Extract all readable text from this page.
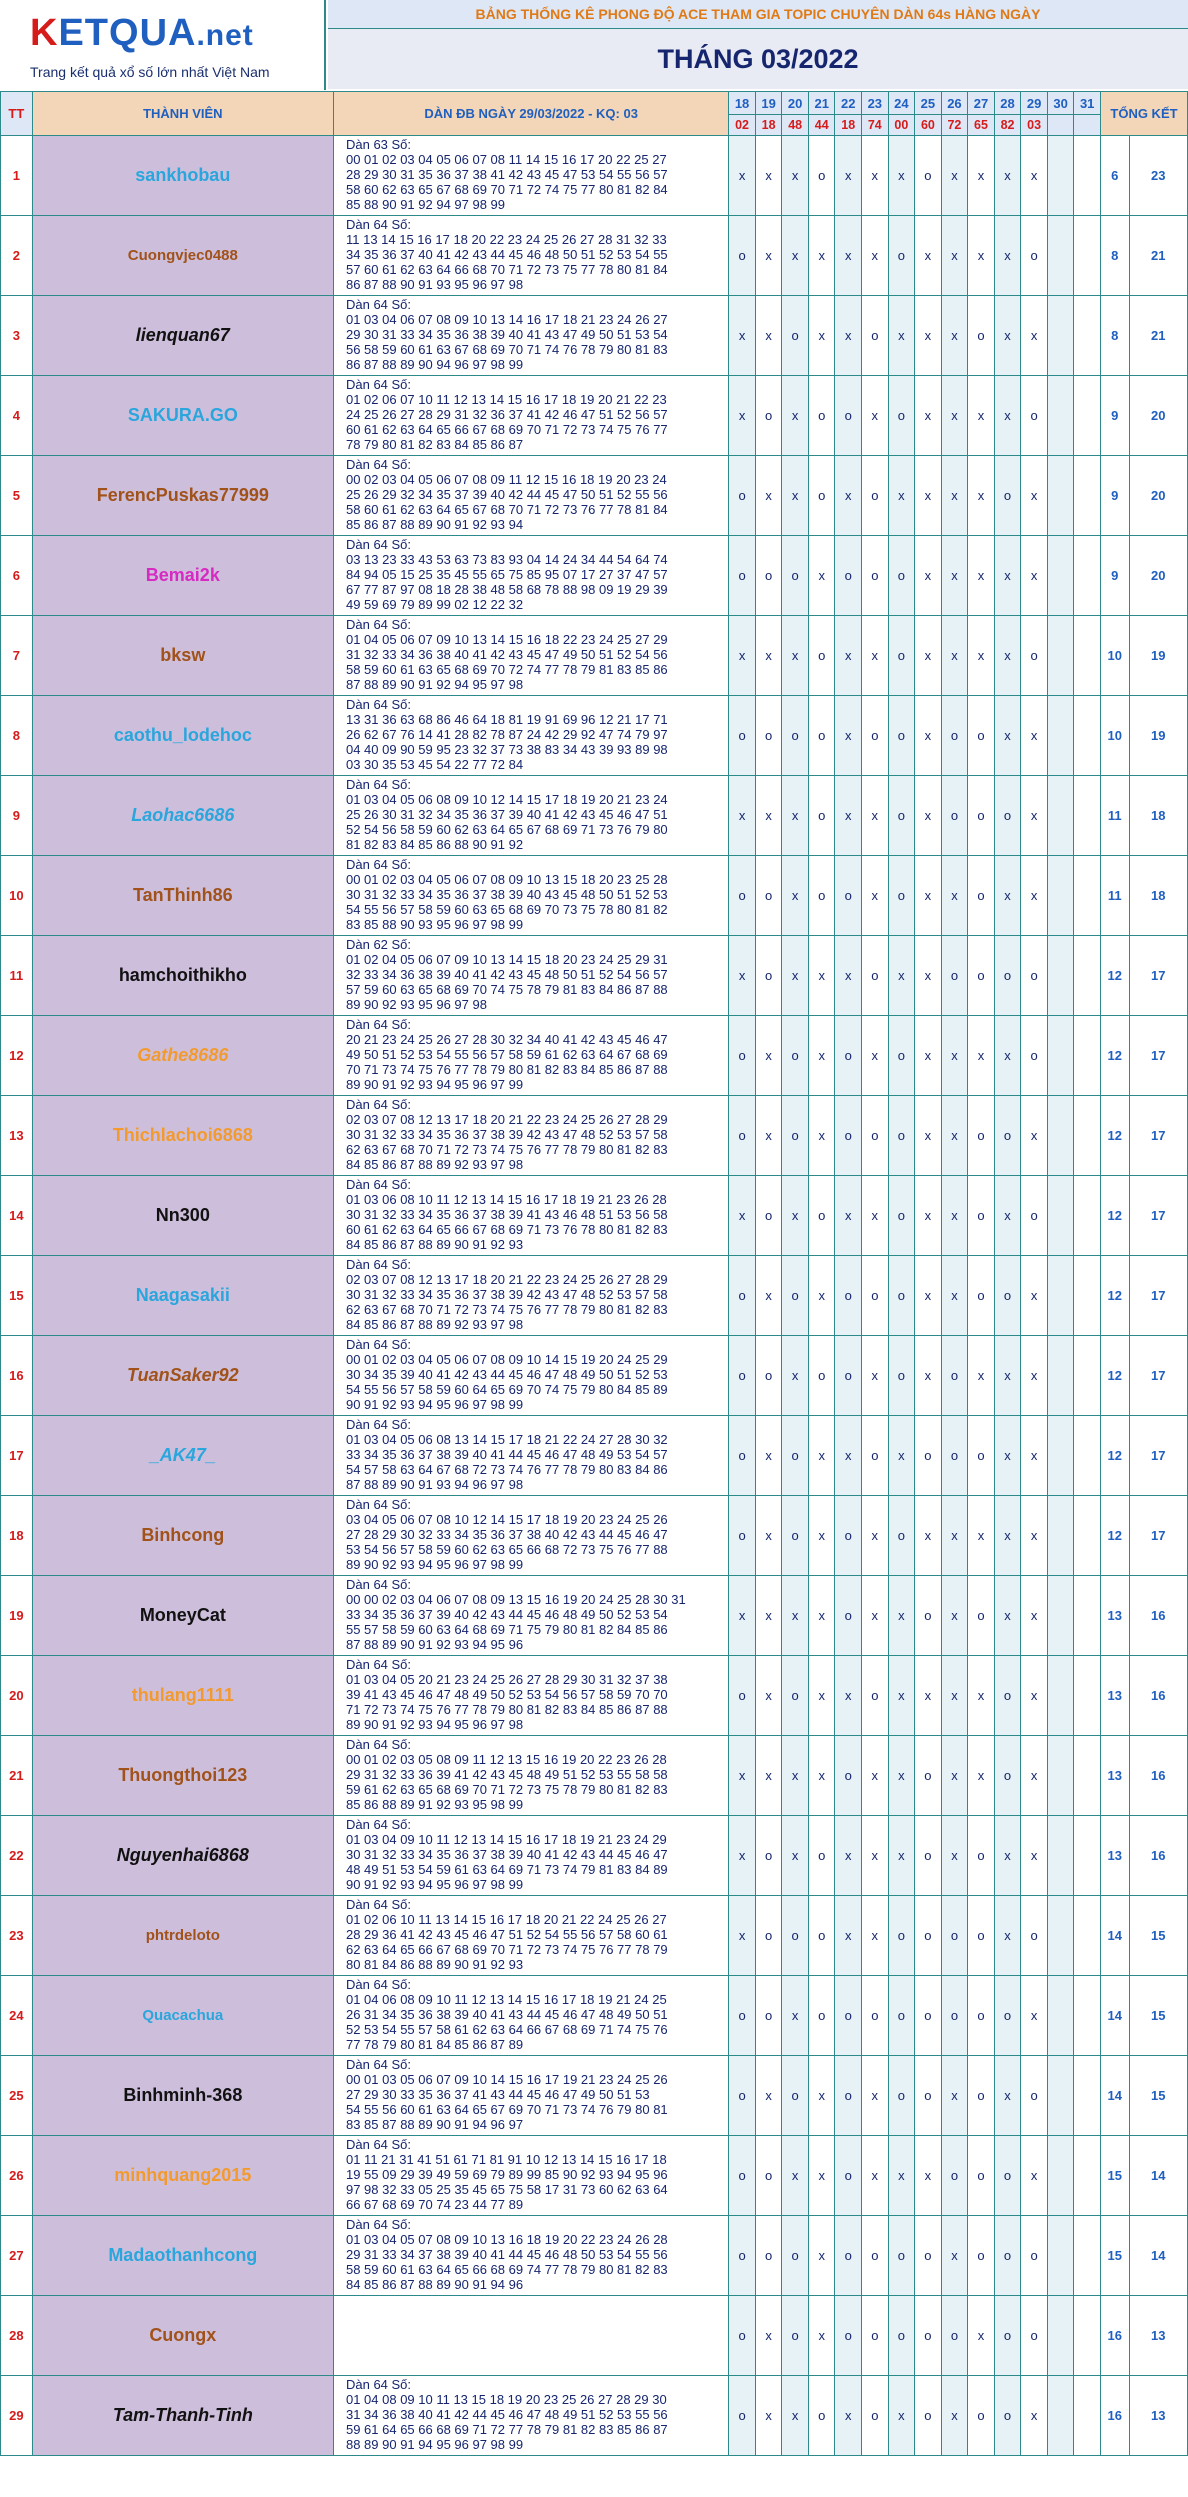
KETQUA.net
Trang kết quả xổ số lớn nhất Việt Nam
BẢNG THỐNG KÊ PHONG ĐỘ ACE THAM GIA TOPIC CHUYÊN DÀN 64s HÀNG NGÀY
THÁNG 03/2022
TT	THÀNH VIÊN	DÀN ĐB NGÀY 29/03/2022 - KQ: 03	18	19	20	21	22	23	24	25	26	27	28	29	30	31	TỔNG KẾT	
			02	18	48	44	18	74	00	60	72	65	82	03				
1	sankhobau	Dàn 63 Số:
00 01 02 03 04 05 06 07 08 11 14 15 16 17 20 22 25 27
28 29 30 31 35 36 37 38 41 42 43 45 47 53 54 55 56 57
58 60 62 63 65 67 68 69 70 71 72 74 75 77 80 81 82 84
85 88 90 91 92 94 97 98 99	x	x	x	o	x	x	x	o	x	x	x	x			6	23
2	Cuongvjec0488	Dàn 64 Số:
11 13 14 15 16 17 18 20 22 23 24 25 26 27 28 31 32 33
34 35 36 37 40 41 42 43 44 45 46 48 50 51 52 53 54 55
57 60 61 62 63 64 66 68 70 71 72 73 75 77 78 80 81 84
86 87 88 90 91 93 95 96 97 98	o	x	x	x	x	x	o	x	x	x	x	o			8	21
3	lienquan67	Dàn 64 Số:
01 03 04 06 07 08 09 10 13 14 16 17 18 21 23 24 26 27
29 30 31 33 34 35 36 38 39 40 41 43 47 49 50 51 53 54
56 58 59 60 61 63 67 68 69 70 71 74 76 78 79 80 81 83
86 87 88 89 90 94 96 97 98 99	x	x	o	x	x	o	x	x	x	o	x	x			8	21
4	SAKURA.GO	Dàn 64 Số:
01 02 06 07 10 11 12 13 14 15 16 17 18 19 20 21 22 23
24 25 26 27 28 29 31 32 36 37 41 42 46 47 51 52 56 57
60 61 62 63 64 65 66 67 68 69 70 71 72 73 74 75 76 77
78 79 80 81 82 83 84 85 86 87	x	o	x	o	o	x	o	x	x	x	x	o			9	20
5	FerencPuskas77999	Dàn 64 Số:
00 02 03 04 05 06 07 08 09 11 12 15 16 18 19 20 23 24
25 26 29 32 34 35 37 39 40 42 44 45 47 50 51 52 55 56
58 60 61 62 63 64 65 67 68 70 71 72 73 76 77 78 81 84
85 86 87 88 89 90 91 92 93 94	o	x	x	o	x	o	x	x	x	x	o	x			9	20
6	Bemai2k	Dàn 64 Số:
03 13 23 33 43 53 63 73 83 93 04 14 24 34 44 54 64 74
84 94 05 15 25 35 45 55 65 75 85 95 07 17 27 37 47 57
67 77 87 97 08 18 28 38 48 58 68 78 88 98 09 19 29 39
49 59 69 79 89 99 02 12 22 32	o	o	o	x	o	o	o	x	x	x	x	x			9	20
7	bksw	Dàn 64 Số:
01 04 05 06 07 09 10 13 14 15 16 18 22 23 24 25 27 29
31 32 33 34 36 38 40 41 42 43 45 47 49 50 51 52 54 56
58 59 60 61 63 65 68 69 70 72 74 77 78 79 81 83 85 86
87 88 89 90 91 92 94 95 97 98	x	x	x	o	x	x	o	x	x	x	x	o			10	19
8	caothu_lodehoc	Dàn 64 Số:
13 31 36 63 68 86 46 64 18 81 19 91 69 96 12 21 17 71
26 62 67 76 14 41 28 82 78 87 24 42 29 92 47 74 79 97
04 40 09 90 59 95 23 32 37 73 38 83 34 43 39 93 89 98
03 30 35 53 45 54 22 77 72 84	o	o	o	o	x	o	o	x	o	o	x	x			10	19
9	Laohac6686	Dàn 64 Số:
01 03 04 05 06 08 09 10 12 14 15 17 18 19 20 21 23 24
25 26 30 31 32 34 35 36 37 39 40 41 42 43 45 46 47 51
52 54 56 58 59 60 62 63 64 65 67 68 69 71 73 76 79 80
81 82 83 84 85 86 88 90 91 92	x	x	x	o	x	x	o	x	o	o	o	x			11	18
10	TanThinh86	Dàn 64 Số:
00 01 02 03 04 05 06 07 08 09 10 13 15 18 20 23 25 28
30 31 32 33 34 35 36 37 38 39 40 43 45 48 50 51 52 53
54 55 56 57 58 59 60 63 65 68 69 70 73 75 78 80 81 82
83 85 88 90 93 95 96 97 98 99	o	o	x	o	o	x	o	x	x	o	x	x			11	18
11	hamchoithikho	Dàn 62 Số:
01 02 04 05 06 07 09 10 13 14 15 18 20 23 24 25 29 31
32 33 34 36 38 39 40 41 42 43 45 48 50 51 52 54 56 57
57 59 60 63 65 68 69 70 74 75 78 79 81 83 84 86 87 88
89 90 92 93 95 96 97 98	x	o	x	x	x	o	x	x	o	o	o	o			12	17
12	Gathe8686	Dàn 64 Số:
20 21 23 24 25 26 27 28 30 32 34 40 41 42 43 45 46 47
49 50 51 52 53 54 55 56 57 58 59 61 62 63 64 67 68 69
70 71 73 74 75 76 77 78 79 80 81 82 83 84 85 86 87 88
89 90 91 92 93 94 95 96 97 99	o	x	o	x	o	x	o	x	x	x	x	o			12	17
13	Thichlachoi6868	Dàn 64 Số:
02 03 07 08 12 13 17 18 20 21 22 23 24 25 26 27 28 29
30 31 32 33 34 35 36 37 38 39 42 43 47 48 52 53 57 58
62 63 67 68 70 71 72 73 74 75 76 77 78 79 80 81 82 83
84 85 86 87 88 89 92 93 97 98	o	x	o	x	o	o	o	x	x	o	o	x			12	17
14	Nn300	Dàn 64 Số:
01 03 06 08 10 11 12 13 14 15 16 17 18 19 21 23 26 28
30 31 32 33 34 35 36 37 38 39 41 43 46 48 51 53 56 58
60 61 62 63 64 65 66 67 68 69 71 73 76 78 80 81 82 83
84 85 86 87 88 89 90 91 92 93	x	o	x	o	x	x	o	x	x	o	x	o			12	17
15	Naagasakii	Dàn 64 Số:
02 03 07 08 12 13 17 18 20 21 22 23 24 25 26 27 28 29
30 31 32 33 34 35 36 37 38 39 42 43 47 48 52 53 57 58
62 63 67 68 70 71 72 73 74 75 76 77 78 79 80 81 82 83
84 85 86 87 88 89 92 93 97 98	o	x	o	x	o	o	o	x	x	o	o	x			12	17
16	TuanSaker92	Dàn 64 Số:
00 01 02 03 04 05 06 07 08 09 10 14 15 19 20 24 25 29
30 34 35 39 40 41 42 43 44 45 46 47 48 49 50 51 52 53
54 55 56 57 58 59 60 64 65 69 70 74 75 79 80 84 85 89
90 91 92 93 94 95 96 97 98 99	o	o	x	o	o	x	o	x	o	x	x	x			12	17
17	_AK47_	Dàn 64 Số:
01 03 04 05 06 08 13 14 15 17 18 21 22 24 27 28 30 32
33 34 35 36 37 38 39 40 41 44 45 46 47 48 49 53 54 57
54 57 58 63 64 67 68 72 73 74 76 77 78 79 80 83 84 86
87 88 89 90 91 93 94 96 97 98	o	x	o	x	x	o	x	o	o	o	x	x			12	17
18	Binhcong	Dàn 64 Số:
03 04 05 06 07 08 10 12 14 15 17 18 19 20 23 24 25 26
27 28 29 30 32 33 34 35 36 37 38 40 42 43 44 45 46 47
53 54 56 57 58 59 60 62 63 65 66 68 72 73 75 76 77 88
89 90 92 93 94 95 96 97 98 99	o	x	o	x	o	x	o	x	x	x	x	x			12	17
19	MoneyCat	Dàn 64 Số:
00 00 02 03 04 06 07 08 09 13 15 16 19 20 24 25 28 30 31
33 34 35 36 37 39 40 42 43 44 45 46 48 49 50 52 53 54
55 57 58 59 60 63 64 68 69 71 75 79 80 81 82 84 85 86
87 88 89 90 91 92 93 94 95 96	x	x	x	x	o	x	x	o	x	o	x	x			13	16
20	thulang1111	Dàn 64 Số:
01 03 04 05 20 21 23 24 25 26 27 28 29 30 31 32 37 38
39 41 43 45 46 47 48 49 50 52 53 54 56 57 58 59 70 70
71 72 73 74 75 76 77 78 79 80 81 82 83 84 85 86 87 88
89 90 91 92 93 94 95 96 97 98	o	x	o	x	x	o	x	x	x	x	o	x			13	16
21	Thuongthoi123	Dàn 64 Số:
00 01 02 03 05 08 09 11 12 13 15 16 19 20 22 23 26 28
29 31 32 33 36 39 41 42 43 45 48 49 51 52 53 55 58 58
59 61 62 63 65 68 69 70 71 72 73 75 78 79 80 81 82 83
85 86 88 89 91 92 93 95 98 99	x	x	x	x	o	x	x	o	x	x	o	x			13	16
22	Nguyenhai6868	Dàn 64 Số:
01 03 04 09 10 11 12 13 14 15 16 17 18 19 21 23 24 29
30 31 32 33 34 35 36 37 38 39 40 41 42 43 44 45 46 47
48 49 51 53 54 59 61 63 64 69 71 73 74 79 81 83 84 89
90 91 92 93 94 95 96 97 98 99	x	o	x	o	x	x	x	o	x	o	x	x			13	16
23	phtrdeloto	Dàn 64 Số:
01 02 06 10 11 13 14 15 16 17 18 20 21 22 24 25 26 27
28 29 36 41 42 43 45 46 47 51 52 54 55 56 57 58 60 61
62 63 64 65 66 67 68 69 70 71 72 73 74 75 76 77 78 79
80 81 84 86 88 89 90 91 92 93	x	o	o	o	x	x	o	o	o	o	x	o			14	15
24	Quacachua	Dàn 64 Số:
01 04 06 08 09 10 11 12 13 14 15 16 17 18 19 21 24 25
26 31 34 35 36 38 39 40 41 43 44 45 46 47 48 49 50 51
52 53 54 55 57 58 61 62 63 64 66 67 68 69 71 74 75 76
77 78 79 80 81 84 85 86 87 89	o	o	x	o	o	o	o	o	o	o	o	x			14	15
25	Binhminh-368	Dàn 64 Số:
00 01 03 05 06 07 09 10 14 15 16 17 19 21 23 24 25 26
27 29 30 33 35 36 37 41 43 44 45 46 47 49 50 51 53
54 55 56 60 61 63 64 65 67 69 70 71 73 74 76 79 80 81
83 85 87 88 89 90 91 94 96 97	o	x	o	x	o	x	o	o	x	o	x	o			14	15
26	minhquang2015	Dàn 64 Số:
01 11 21 31 41 51 61 71 81 91 10 12 13 14 15 16 17 18
19 55 09 29 39 49 59 69 79 89 99 85 90 92 93 94 95 96
97 98 32 33 05 25 35 45 65 75 58 17 31 73 60 62 63 64
66 67 68 69 70 74 23 44 77 89	o	o	x	x	o	x	x	x	o	o	o	x			15	14
27	Madaothanhcong	Dàn 64 Số:
01 03 04 05 07 08 09 10 13 16 18 19 20 22 23 24 26 28
29 31 33 34 37 38 39 40 41 44 45 46 48 50 53 54 55 56
58 59 60 61 63 64 65 66 68 69 74 77 78 79 80 81 82 83
84 85 86 87 88 89 90 91 94 96	o	o	o	x	o	o	o	o	x	o	o	o			15	14
28	Cuongx		o	x	o	x	o	o	o	o	o	x	o	o			16	13
29	Tam-Thanh-Tinh	Dàn 64 Số:
01 04 08 09 10 11 13 15 18 19 20 23 25 26 27 28 29 30
31 34 36 38 40 41 42 44 45 46 47 48 49 51 52 53 55 56
59 61 64 65 66 68 69 71 72 77 78 79 81 82 83 85 86 87
88 89 90 91 94 95 96 97 98 99	o	x	x	o	x	o	x	o	x	o	o	x			16	13
